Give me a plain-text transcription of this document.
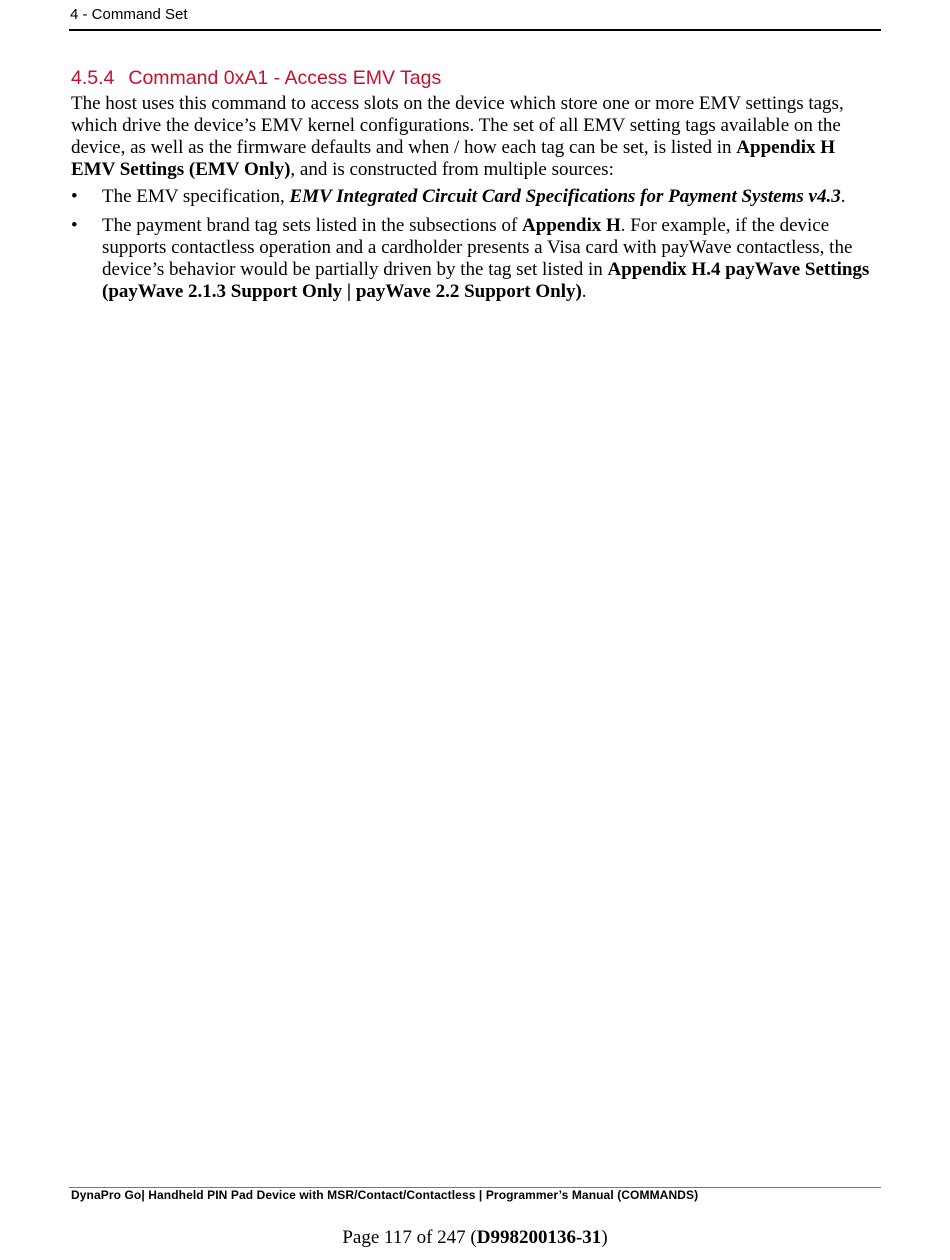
4 - Command Set
4.5.4 Command 0xA1 - Access EMV Tags

The host uses this command to access slots on the device which store one or more EMV settings tags, which drive the device’s EMV kernel configurations. The set of all EMV setting tags available on the device, as well as the firmware defaults and when / how each tag can be set, is listed in Appendix H EMV Settings (EMV Only), and is constructed from multiple sources:

• The EMV specification, EMV Integrated Circuit Card Specifications for Payment Systems v4.3.
• The payment brand tag sets listed in the subsections of Appendix H. For example, if the device supports contactless operation and a cardholder presents a Visa card with payWave contactless, the device’s behavior would be partially driven by the tag set listed in Appendix H.4 payWave Settings (payWave 2.1.3 Support Only | payWave 2.2 Support Only).
DynaPro Go| Handheld PIN Pad Device with MSR/Contact/Contactless | Programmer’s Manual (COMMANDS)
Page 117 of 247 (D998200136-31)
